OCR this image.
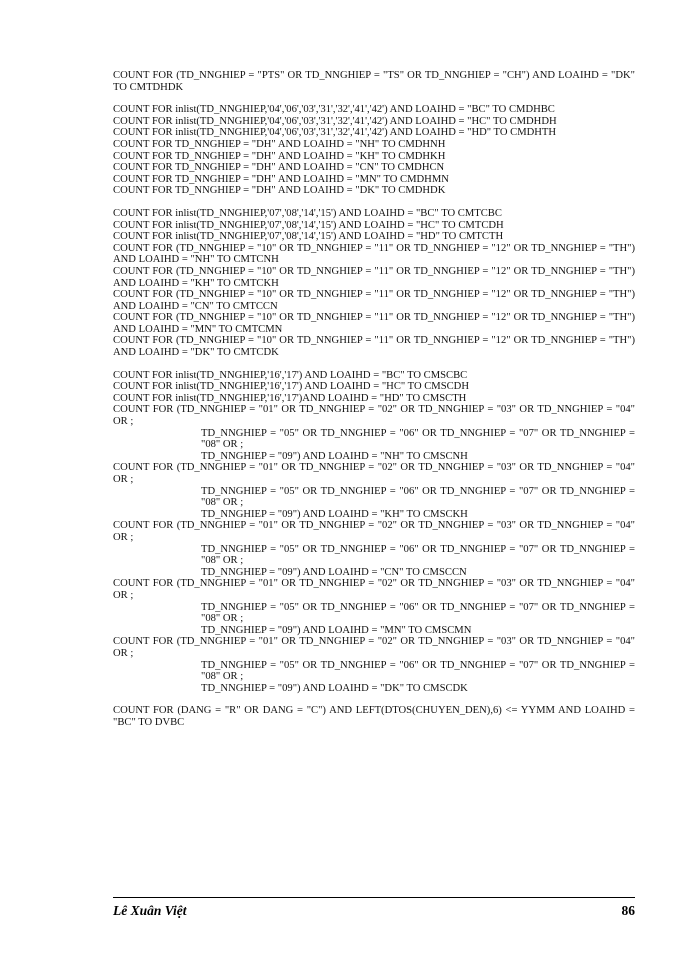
COUNT FOR (TD_NNGHIEP = "PTS" OR TD_NNGHIEP = "TS" OR TD_NNGHIEP = "CH") AND LOAIHD = "DK" TO CMTDHDK

COUNT FOR inlist(TD_NNGHIEP,'04','06','03','31','32','41','42') AND LOAIHD = "BC" TO CMDHBC

COUNT FOR inlist(TD_NNGHIEP,'04','06','03','31','32','41','42') AND LOAIHD = "HC" TO CMDHDH

COUNT FOR inlist(TD_NNGHIEP,'04','06','03','31','32','41','42') AND LOAIHD = "HD" TO CMDHTH

COUNT FOR TD_NNGHIEP = "DH" AND LOAIHD = "NH" TO CMDHNH

COUNT FOR TD_NNGHIEP = "DH" AND LOAIHD = "KH" TO CMDHKH

COUNT FOR TD_NNGHIEP = "DH" AND LOAIHD = "CN" TO CMDHCN

COUNT FOR TD_NNGHIEP = "DH" AND LOAIHD = "MN" TO CMDHMN

COUNT FOR TD_NNGHIEP = "DH" AND LOAIHD = "DK" TO CMDHDK

COUNT FOR inlist(TD_NNGHIEP,'07','08','14','15') AND LOAIHD = "BC" TO CMTCBC

COUNT FOR inlist(TD_NNGHIEP,'07','08','14','15') AND LOAIHD = "HC" TO CMTCDH

COUNT FOR inlist(TD_NNGHIEP,'07','08','14','15') AND LOAIHD = "HD" TO CMTCTH

COUNT FOR (TD_NNGHIEP = "10" OR TD_NNGHIEP = "11" OR TD_NNGHIEP = "12" OR TD_NNGHIEP = "TH") AND LOAIHD = "NH" TO CMTCNH

COUNT FOR (TD_NNGHIEP = "10" OR TD_NNGHIEP = "11" OR TD_NNGHIEP = "12" OR TD_NNGHIEP = "TH") AND LOAIHD = "KH" TO CMTCKH

COUNT FOR (TD_NNGHIEP = "10" OR TD_NNGHIEP = "11" OR TD_NNGHIEP = "12" OR TD_NNGHIEP = "TH") AND LOAIHD = "CN" TO CMTCCN

COUNT FOR (TD_NNGHIEP = "10" OR TD_NNGHIEP = "11" OR TD_NNGHIEP = "12" OR TD_NNGHIEP = "TH") AND LOAIHD = "MN" TO CMTCMN

COUNT FOR (TD_NNGHIEP = "10" OR TD_NNGHIEP = "11" OR TD_NNGHIEP = "12" OR TD_NNGHIEP = "TH") AND LOAIHD = "DK" TO CMTCDK

COUNT FOR inlist(TD_NNGHIEP,'16','17') AND LOAIHD = "BC" TO CMSCBC

COUNT FOR inlist(TD_NNGHIEP,'16','17') AND LOAIHD = "HC" TO CMSCDH

COUNT FOR inlist(TD_NNGHIEP,'16','17')AND LOAIHD = "HD" TO CMSCTH

COUNT FOR (TD_NNGHIEP = "01" OR TD_NNGHIEP = "02" OR TD_NNGHIEP = "03" OR TD_NNGHIEP = "04" OR ;

TD_NNGHIEP = "05" OR TD_NNGHIEP = "06" OR TD_NNGHIEP = "07" OR TD_NNGHIEP = "08" OR ;

TD_NNGHIEP = "09") AND LOAIHD = "NH" TO CMSCNH

COUNT FOR (TD_NNGHIEP = "01" OR TD_NNGHIEP = "02" OR TD_NNGHIEP = "03" OR TD_NNGHIEP = "04" OR ;

TD_NNGHIEP = "05" OR TD_NNGHIEP = "06" OR TD_NNGHIEP = "07" OR TD_NNGHIEP = "08" OR ;

TD_NNGHIEP = "09") AND LOAIHD = "KH" TO CMSCKH

COUNT FOR (TD_NNGHIEP = "01" OR TD_NNGHIEP = "02" OR TD_NNGHIEP = "03" OR TD_NNGHIEP = "04" OR ;

TD_NNGHIEP = "05" OR TD_NNGHIEP = "06" OR TD_NNGHIEP = "07" OR TD_NNGHIEP = "08" OR ;

TD_NNGHIEP = "09") AND LOAIHD = "CN" TO CMSCCN

COUNT FOR (TD_NNGHIEP = "01" OR TD_NNGHIEP = "02" OR TD_NNGHIEP = "03" OR TD_NNGHIEP = "04" OR ;

TD_NNGHIEP = "05" OR TD_NNGHIEP = "06" OR TD_NNGHIEP = "07" OR TD_NNGHIEP = "08" OR ;

TD_NNGHIEP = "09") AND LOAIHD = "MN" TO CMSCMN

COUNT FOR (TD_NNGHIEP = "01" OR TD_NNGHIEP = "02" OR TD_NNGHIEP = "03" OR TD_NNGHIEP = "04" OR ;

TD_NNGHIEP = "05" OR TD_NNGHIEP = "06" OR TD_NNGHIEP = "07" OR TD_NNGHIEP = "08" OR ;

TD_NNGHIEP = "09") AND LOAIHD = "DK" TO CMSCDK

COUNT FOR (DANG = "R" OR DANG = "C") AND LEFT(DTOS(CHUYEN_DEN),6) <= YYMM AND LOAIHD = "BC" TO DVBC

Lê Xuân Việt	86
